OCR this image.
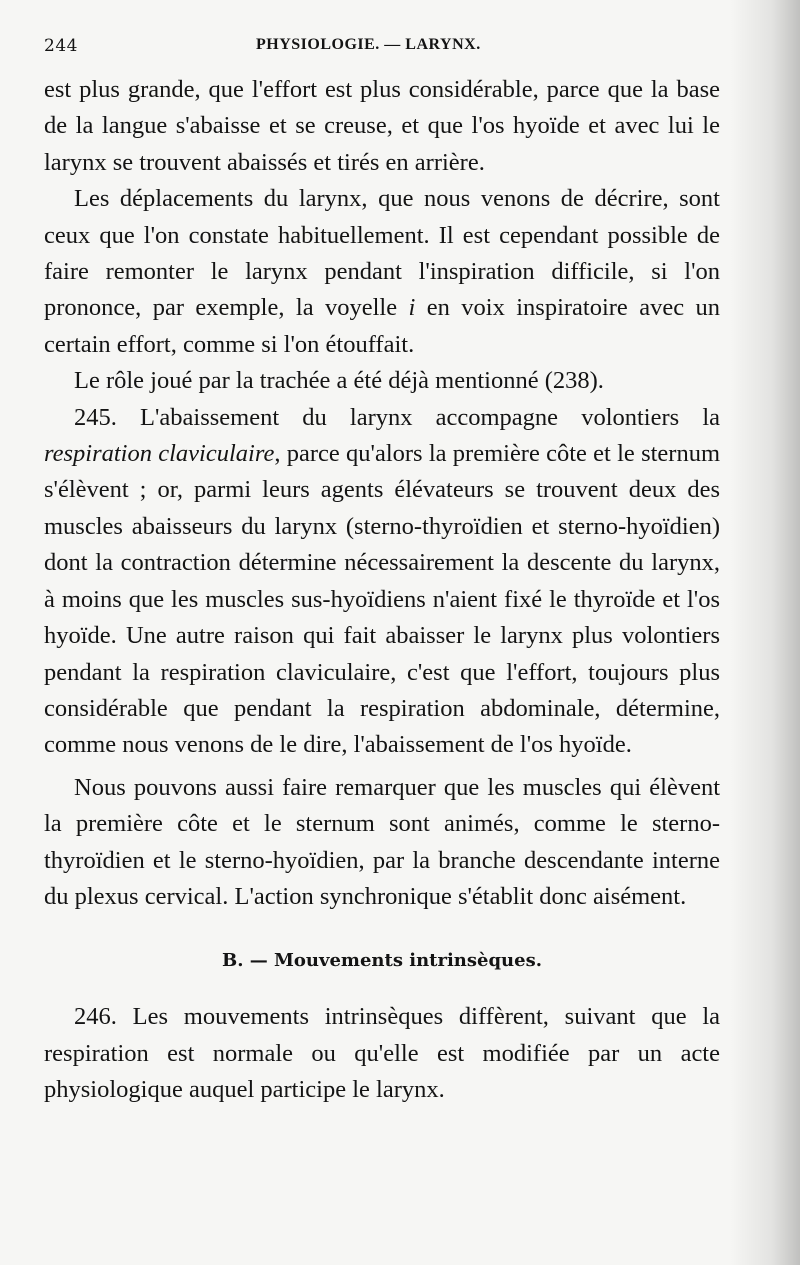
244	PHYSIOLOGIE. — LARYNX.

est plus grande, que l'effort est plus considérable, parce que la base de la langue s'abaisse et se creuse, et que l'os hyoïde et avec lui le larynx se trouvent abaissés et tirés en arrière.

Les déplacements du larynx, que nous venons de décrire, sont ceux que l'on constate habituellement. Il est cependant possible de faire remonter le larynx pendant l'inspiration difficile, si l'on prononce, par exemple, la voyelle i en voix inspiratoire avec un certain effort, comme si l'on étouffait.

Le rôle joué par la trachée a été déjà mentionné (238).

245. L'abaissement du larynx accompagne volontiers la respiration claviculaire, parce qu'alors la première côte et le sternum s'élèvent ; or, parmi leurs agents élévateurs se trouvent deux des muscles abaisseurs du larynx (sterno-thyroïdien et sterno-hyoïdien) dont la contraction détermine nécessairement la descente du larynx, à moins que les muscles sus-hyoïdiens n'aient fixé le thyroïde et l'os hyoïde. Une autre raison qui fait abaisser le larynx plus volontiers pendant la respiration claviculaire, c'est que l'effort, toujours plus considérable que pendant la respiration abdominale, détermine, comme nous venons de le dire, l'abaissement de l'os hyoïde.

Nous pouvons aussi faire remarquer que les muscles qui élèvent la première côte et le sternum sont animés, comme le sterno-thyroïdien et le sterno-hyoïdien, par la branche descendante interne du plexus cervical. L'action synchronique s'établit donc aisément.

B. — Mouvements intrinsèques.

246. Les mouvements intrinsèques diffèrent, suivant que la respiration est normale ou qu'elle est modifiée par un acte physiologique auquel participe le larynx.
